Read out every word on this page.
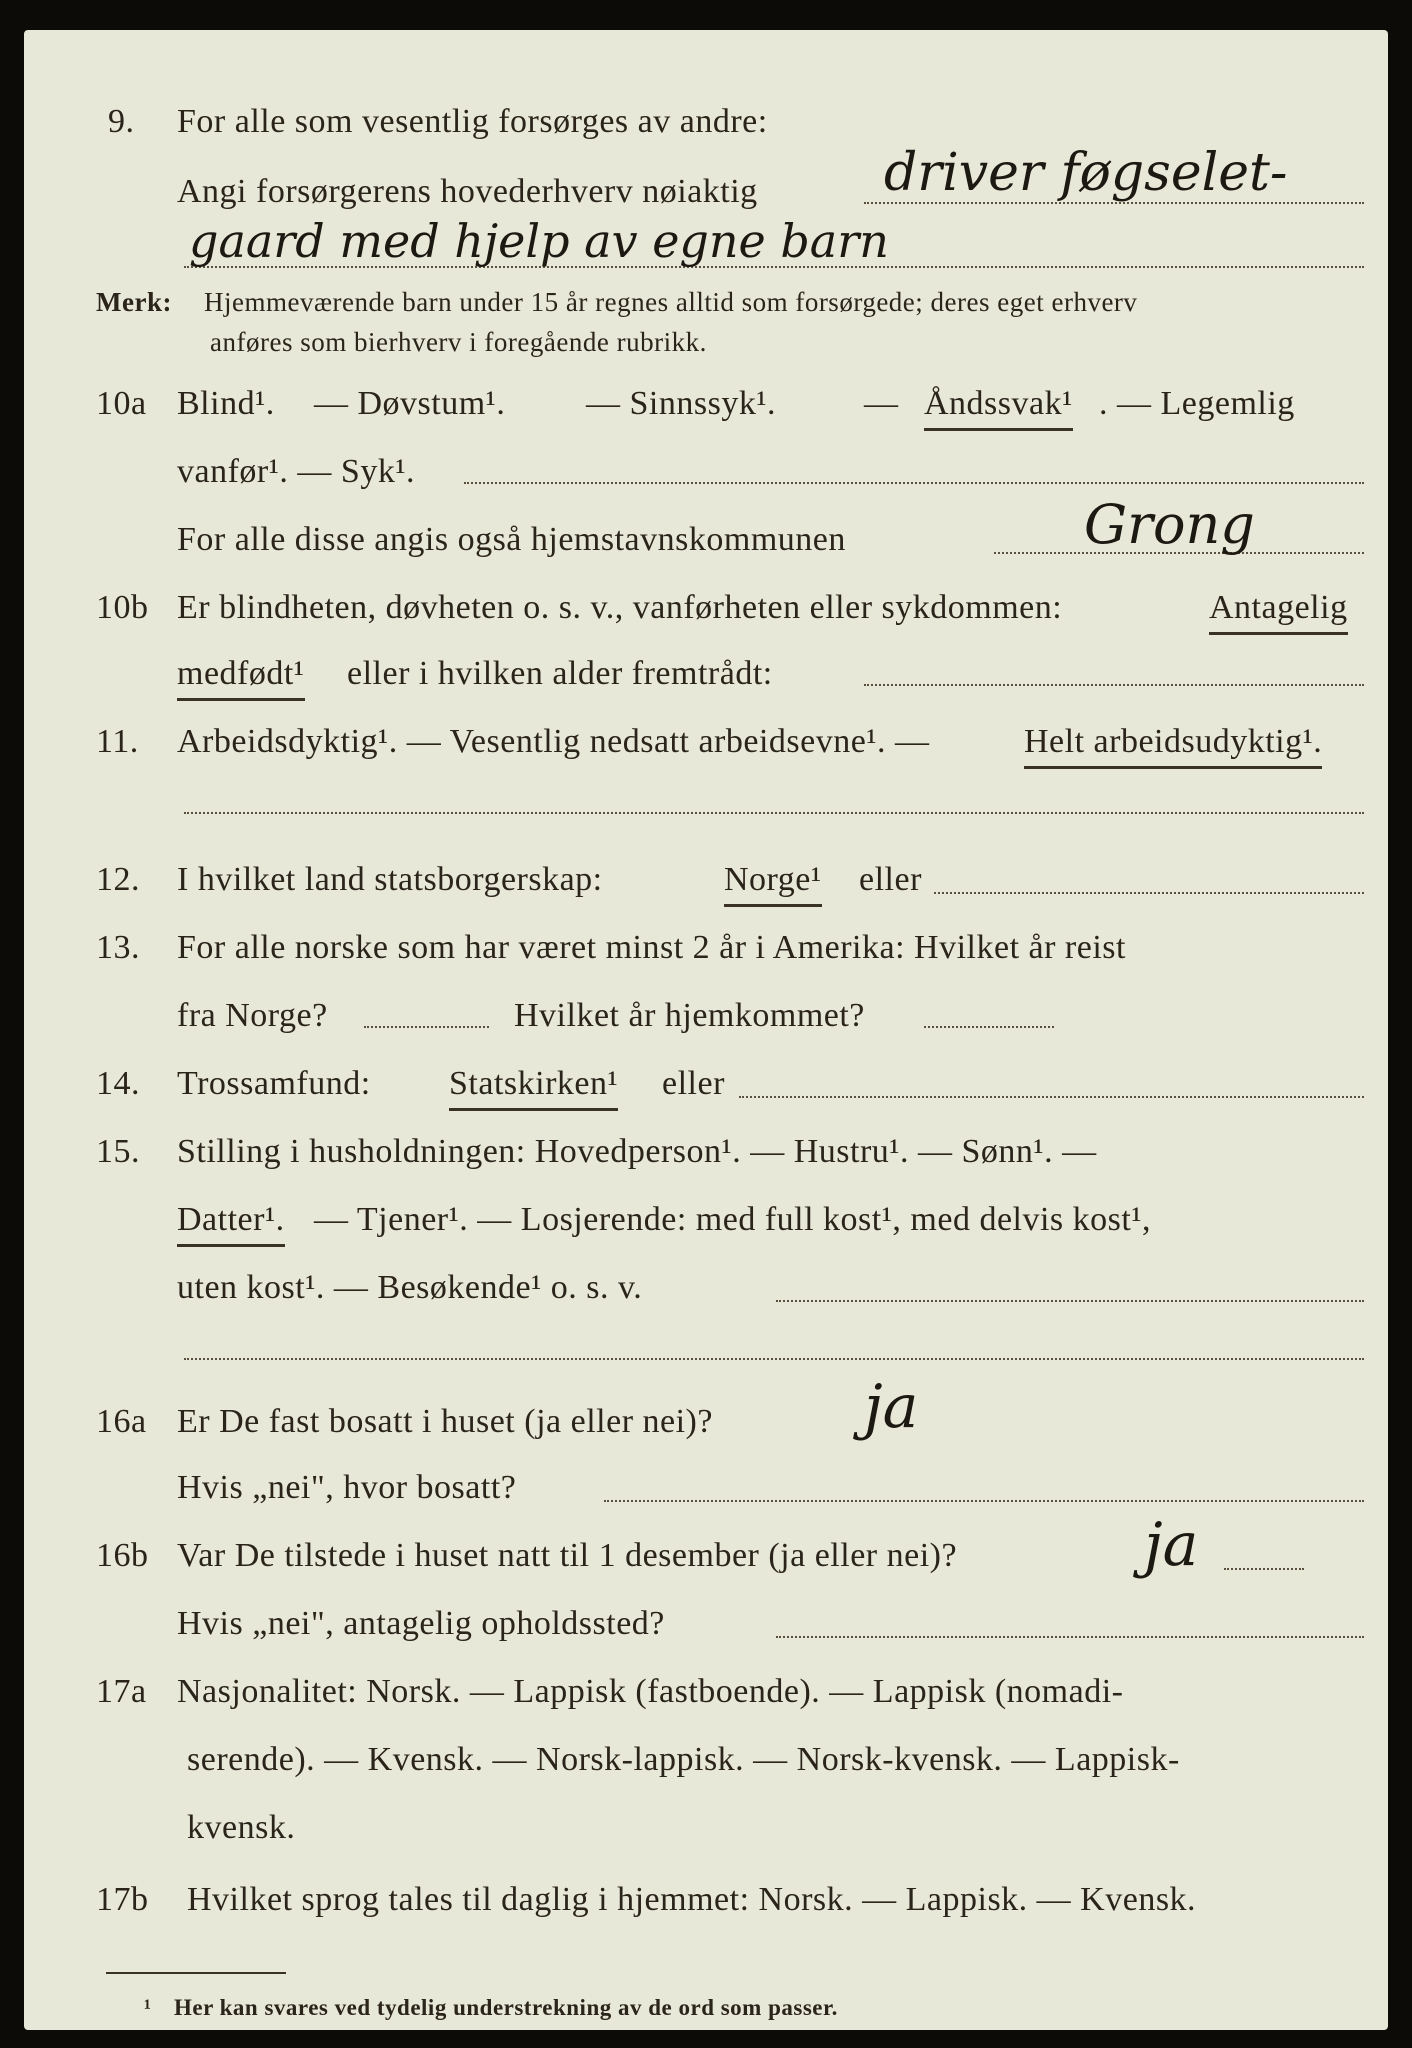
9. For alle som vesentlig forsørges av andre:
Angi forsørgerens hovederhverv nøiaktig driver føgselet-
gaard med hjelp av egne barn
Merk: Hjemmeværende barn under 15 år regnes alltid som forsørgede; deres eget erhverv
anføres som bierhverv i foregående rubrikk.
10a Blind¹. — Døvstum¹. — Sinnssyk¹.	— Åndssvak¹ . — Legemlig
vanfør¹. — Syk¹.
For alle disse angis også hjemstavnskommunen	Grong
10b Er blindheten, døvheten o. s. v., vanførheten eller sykdommen:	Antagelig
medfødt¹ eller i hvilken alder fremtrådt:
11. Arbeidsdyktig¹. — Vesentlig nedsatt arbeidsevne¹. —	Helt arbeidsudyktig¹.
12. I hvilket land statsborgerskap:	Norge¹ eller
13. For alle norske som har været minst 2 år i Amerika: Hvilket år reist
fra Norge?	Hvilket år hjemkommet?
14. Trossamfund: Statskirken¹ eller
15. Stilling i husholdningen: Hovedperson¹. — Hustru¹. — Sønn¹. —
Datter¹. — Tjener¹. — Losjerende: med full kost¹, med delvis kost¹,
uten kost¹. — Besøkende¹ o. s. v.
16a Er De fast bosatt i huset (ja eller nei)?	ja
Hvis „nei", hvor bosatt?
16b Var De tilstede i huset natt til 1 desember (ja eller nei)?	ja
Hvis „nei", antagelig opholdssted?
17a Nasjonalitet: Norsk. — Lappisk (fastboende). — Lappisk (nomadi-
serende). — Kvensk. — Norsk-lappisk. — Norsk-kvensk. — Lappisk-
kvensk.
17b Hvilket sprog tales til daglig i hjemmet: Norsk. — Lappisk. — Kvensk.
¹ Her kan svares ved tydelig understrekning av de ord som passer.
